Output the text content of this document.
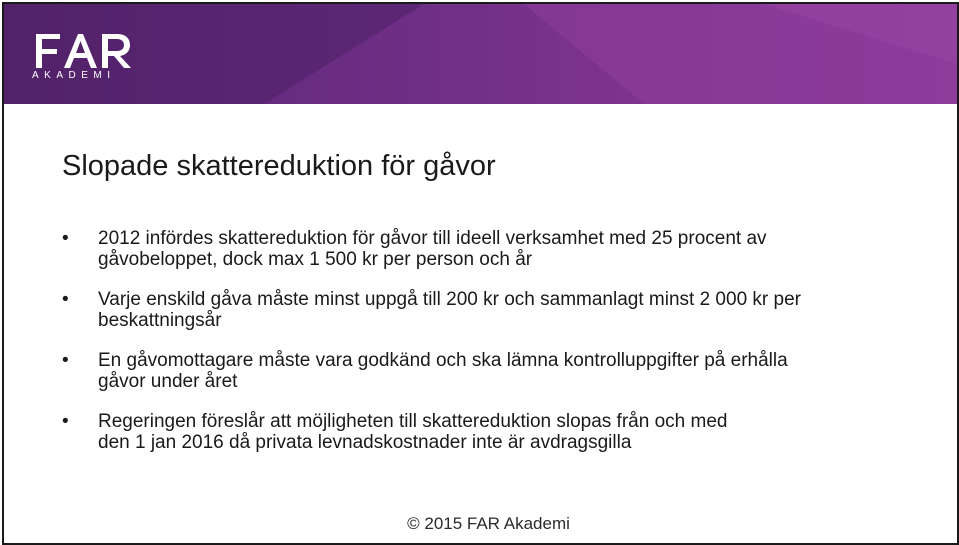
AKADEMI
Slopade skattereduktion för gåvor
• 2012 infördes skattereduktion för gåvor till ideell verksamhet med 25 procent av
gåvobeloppet, dock max 1 500 kr per person och år
• Varje enskild gåva måste minst uppgå till 200 kr och sammanlagt minst 2 000 kr per
beskattningsår
• En gåvomottagare måste vara godkänd och ska lämna kontrolluppgifter på erhålla
gåvor under året
• Regeringen föreslår att möjligheten till skattereduktion slopas från och med
den 1 jan 2016 då privata levnadskostnader inte är avdragsgilla
© 2015 FAR Akademi
